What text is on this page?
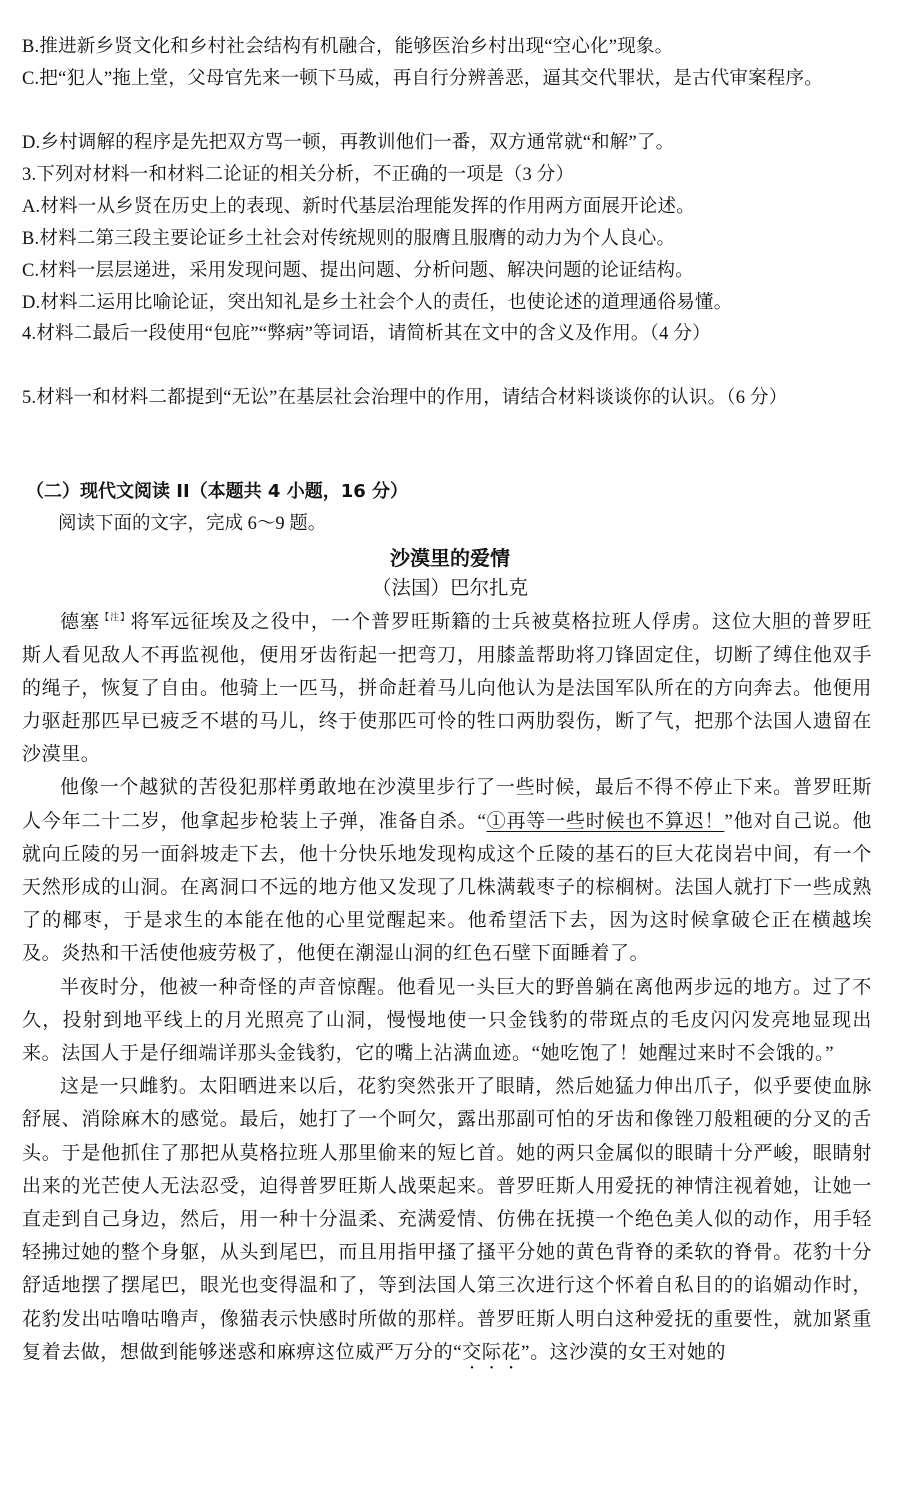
B.推进新乡贤文化和乡村社会结构有机融合，能够医治乡村出现“空心化”现象。
C.把“犯人”拖上堂，父母官先来一顿下马威，再自行分辨善恶，逼其交代罪状，是古代审案程序。
D.乡村调解的程序是先把双方骂一顿，再教训他们一番，双方通常就“和解”了。
3.下列对材料一和材料二论证的相关分析，不正确的一项是（3 分）
A.材料一从乡贤在历史上的表现、新时代基层治理能发挥的作用两方面展开论述。
B.材料二第三段主要论证乡土社会对传统规则的服膺且服膺的动力为个人良心。
C.材料一层层递进，采用发现问题、提出问题、分析问题、解决问题的论证结构。
D.材料二运用比喻论证，突出知礼是乡土社会个人的责任，也使论述的道理通俗易懂。
4.材料二最后一段使用“包庇”“弊病”等词语，请简析其在文中的含义及作用。（4 分）
5.材料一和材料二都提到“无讼”在基层社会治理中的作用，请结合材料谈谈你的认识。（6 分）
（二）现代文阅读 II（本题共 4 小题，16 分）
阅读下面的文字，完成 6～9 题。
沙漠里的爱情
（法国）巴尔扎克

德塞$^{【注】}$将军远征埃及之役中，一个普罗旺斯籍的士兵被莫格拉班人俘虏。这位大胆的普罗旺斯人看见敌人不再监视他，便用牙齿衔起一把弯刀，用膝盖帮助将刀锋固定住，切断了缚住他双手的绳子，恢复了自由。他骑上一匹马，拼命赶着马儿向他认为是法国军队所在的方向奔去。他便用力驱赶那匹早已疲乏不堪的马儿，终于使那匹可怜的牲口两肋裂伤，断了气，把那个法国人遗留在沙漠里。

他像一个越狱的苦役犯那样勇敢地在沙漠里步行了一些时候，最后不得不停止下来。普罗旺斯人今年二十二岁，他拿起步枪装上子弹，准备自杀。“①再等一些时候也不算迟！”他对自己说。他就向丘陵的另一面斜坡走下去，他十分快乐地发现构成这个丘陵的基石的巨大花岗岩中间，有一个天然形成的山洞。在离洞口不远的地方他又发现了几株满载枣子的棕榈树。法国人就打下一些成熟了的椰枣，于是求生的本能在他的心里觉醒起来。他希望活下去，因为这时候拿破仑正在横越埃及。炎热和干活使他疲劳极了，他便在潮湿山洞的红色石壁下面睡着了。

半夜时分，他被一种奇怪的声音惊醒。他看见一头巨大的野兽躺在离他两步远的地方。过了不久，投射到地平线上的月光照亮了山洞，慢慢地使一只金钱豹的带斑点的毛皮闪闪发亮地显现出来。法国人于是仔细端详那头金钱豹，它的嘴上沾满血迹。“她吃饱了！她醒过来时不会饿的。”

这是一只雌豹。太阳晒进来以后，花豹突然张开了眼睛，然后她猛力伸出爪子，似乎要使血脉舒展、消除麻木的感觉。最后，她打了一个呵欠，露出那副可怕的牙齿和像锉刀般粗硬的分叉的舌头。于是他抓住了那把从莫格拉班人那里偷来的短匕首。她的两只金属似的眼睛十分严峻，眼睛射出来的光芒使人无法忍受，迫得普罗旺斯人战栗起来。普罗旺斯人用爱抚的神情注视着她，让她一直走到自己身边，然后，用一种十分温柔、充满爱情、仿佛在抚摸一个绝色美人似的动作，用手轻轻拂过她的整个身躯，从头到尾巴，而且用指甲搔了搔平分她的黄色背脊的柔软的脊骨。花豹十分舒适地摆了摆尾巴，眼光也变得温和了，等到法国人第三次进行这个怀着自私目的的谄媚动作时，花豹发出咕噜咕噜声，像猫表示快感时所做的那样。普罗旺斯人明白这种爱抚的重要性，就加紧重复着去做，想做到能够迷惑和麻痹这位威严万分的“交际花”。这沙漠的女王对她的
